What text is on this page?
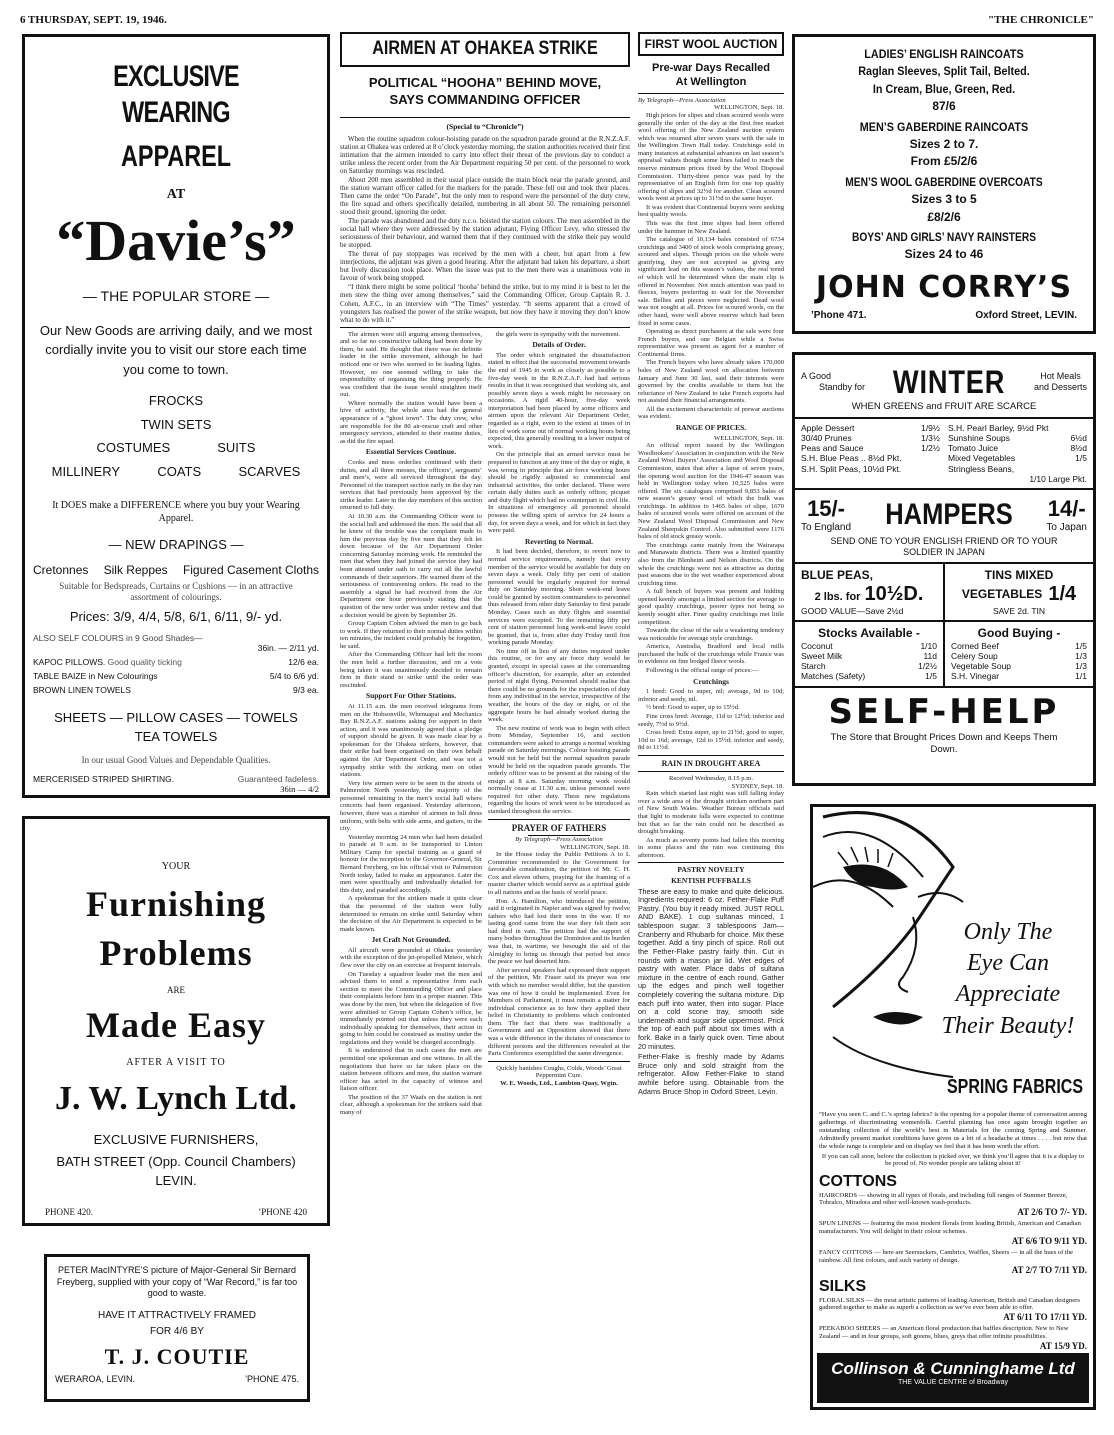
6 THURSDAY, SEPT. 19, 1946.	"THE CHRONICLE"
EXCLUSIVE WEARING
APPAREL
AT
“Davie’s”
— THE POPULAR STORE —
Our New Goods are arriving daily, and we most cordially invite you to visit our store each time you come to town.
FROCKS
TWIN SETS
COSTUMES	SUITS
MILLINERY	COATS	SCARVES
It DOES make a DIFFERENCE where you buy your Wearing Apparel.
— NEW DRAPINGS —
Cretonnes Silk Reppes Figured Casement Cloths
Suitable for Bedspreads, Curtains or Cushions — in an attractive assortment of colourings.
Prices: 3/9, 4/4, 5/8, 6/1, 6/11, 9/- yd.
ALSO SELF COLOURS in 9 Good Shades—
36in. — 2/11 yd.
KAPOC PILLOWS. Good quality ticking	12/6 ea.
TABLE BAIZE in New Colourings	5/4 to 6/6 yd.
BROWN LINEN TOWELS	9/3 ea.
SHEETS — PILLOW CASES — TOWELS
TEA TOWELS
In our usual Good Values and Dependable Qualities.
MERCERISED STRIPED SHIRTING.	Guaranteed fadeless.
36in — 4/2
YOUR
Furnishing
Problems
ARE
Made Easy
AFTER A VISIT TO
J. W. Lynch Ltd.
EXCLUSIVE FURNISHERS,
BATH STREET (Opp. Council Chambers)
LEVIN.
PHONE 420.	’PHONE 420
PETER MacINTYRE’S picture of Major-General Sir Bernard Freyberg, supplied with your copy of “War Record,” is far too good to waste.
HAVE IT ATTRACTIVELY FRAMED
FOR 4/6 BY
T. J. COUTIE
WERAROA, LEVIN.	’PHONE 475.
AIRMEN AT OHAKEA STRIKE
POLITICAL “HOOHA” BEHIND MOVE, SAYS COMMANDING OFFICER
(Special to “Chronicle”)

When the routine squadron colour-hoisting parade on the squadron parade ground at the R.N.Z.A.F. station at Ohakea was ordered at 8 o’clock yesterday morning, the station authorities received their first intimation that the airmen intended to carry into effect their threat of the previous day to conduct a strike unless the recent order from the Air Department requiring 50 per cent. of the personnel to work on Saturday mornings was rescinded.

About 200 men assembled in their usual place outside the main block near the parade ground, and the station warrant officer called for the markers for the parade. These fell out and took their places. Then came the order “On Parade”, but the only men to respond were the personnel of the duty crew, the fire squad and others specifically detailed, numbering in all about 50. The remaining personnel stood their ground, ignoring the order.

The parade was abandoned and the duty n.c.o. hoisted the station colours. The men assembled in the social hall where they were addressed by the station adjutant, Flying Officer Levy, who stressed the seriousness of their behaviour, and warned them that if they continued with the strike their pay would be stopped.

The threat of pay stoppages was received by the men with a cheer, but apart from a few interjections, the adjutant was given a good hearing. After the adjutant had taken his departure, a short but lively discussion took place. When the issue was put to the men there was a unanimous vote in favour of work being stopped.

“I think there might be some political ‘hooha’ behind the strike, but to my mind it is best to let the men stew the thing over among themselves,” said the Commanding Officer, Group Captain R. J. Cohen, A.F.C., in an interview with “The Times” yesterday. “It seems apparent that a crowd of youngsters has realised the power of the strike weapon, but now they have it moving they don’t know what to do with it.”

The airmen were still arguing among themselves, and so far no constructive talking had been done by them, he said. He thought that there was no definite leader in the strike movement, although he had noticed one or two who seemed to be leading lights. However, no one seemed willing to take the responsibility of organising the thing properly. He was confident that the issue would straighten itself out.

Where normally the station would have been a hive of activity, the whole area had the general appearance of a “ghost town”. The duty crew, who are responsible for the 80 air-rescue craft and other emergency services, attended to their routine duties, as did the fire squad.

Essential Services Continue.

Cooks and mess orderlies continued with their duties, and all three messes, the officers’, sergeants’ and men’s, were all serviced throughout the day. Personnel of the transport section early in the day ran services that had previously been approved by the strike leader. Later in the day members of this section returned to full duty.

At 10.30 a.m. the Commanding Officer went to the social hall and addressed the men. He said that all he knew of the trouble was the complaint made to him the previous day by five men that they felt let down because of the Air Department Order concerning Saturday morning work. He reminded the men that when they had joined the service they had been attested under oath to carry out all the lawful commands of their superiors. He warned them of the seriousness of contravening orders. He read to the assembly a signal he had received from the Air Department one hour previously stating that the question of the new order was under review and that a decision would be given by September 26.

Group Captain Cohen advised the men to go back to work. If they returned to their normal duties within ten minutes, the incident could probably be forgotten, he said.

After the Commanding Officer had left the room the men held a further discussion, and on a vote being taken it was unanimously decided to remain firm in their stand to strike until the order was rescinded.

Support For Other Stations.

At 11.15 a.m. the men received telegrams from men on the Hobsonville, Whenuapai and Mechanics Bay R.N.Z.A.F. stations asking for support in their action, and it was unanimously agreed that a pledge of support should be given. It was made clear by a spokesman for the Ohakea strikers, however, that their strike had been organised on their own behalf against the Air Department Order, and was not a sympathy strike with the striking men on other stations.

Very few airmen were to be seen in the streets of Palmerston North yesterday, the majority of the personnel remaining in the men’s social hall where concerts had been organised. Yesterday afternoon, however, there was a number of airmen in full dress uniform, with belts with side arms, and gaiters, in the city.

Yesterday morning 24 men who had been detailed to parade at 9 a.m. to be transported to Linton Military Camp for special training as a guard of honour for the reception to the Governor-General, Sir Bernard Freyberg, on his official visit to Palmerston North today, failed to make an appearance. Later the men were specifically and individually detailed for this duty, and paraded accordingly.

A spokesman for the strikers made it quite clear that the personnel of the station were fully determined to remain on strike until Saturday when the decision of the Air Department is expected to be made known.

Jet Craft Not Grounded.

All aircraft were grounded at Ohakea yesterday with the exception of the jet-propelled Meteor, which flew over the city on an exercise at frequent intervals.

On Tuesday a squadron leader met the men and advised them to send a representative from each section to meet the Commanding Officer and place their complaints before him in a proper manner. This was done by the men, but when the delegation of five were admitted to Group Captain Cohen’s office, he immediately pointed out that unless they were each individually speaking for themselves, their action in going to him could be construed as mutiny under the regulations and they would be charged accordingly.

It is understood that in such cases the men are permitted one spokesman and one witness. In all the negotiations that have so far taken place on the station between officers and men, the station warrant officer has acted in the capacity of witness and liaison officer.

The position of the 37 Waafs on the station is not clear, although a spokesman for the strikers said that many of

the girls were in sympathy with the movement.

Details of Order.

The order which originated the dissatisfaction stated in effect that the successful movement towards the end of 1945 to work as closely as possible to a five-day week in the R.N.Z.A.F. had had serious results in that it was recognised that working six, and possibly seven days a week might be necessary on occasions. A rigid 40-hour, five-day week interpretation had been placed by some officers and airmen upon the relevant Air Department Order, regarded as a right, even to the extent at times of in lieu of work some out of normal working hours being expected, this generally resulting in a lower output of work.

On the principle that an armed service must be prepared to function at any time of the day or night, it was wrong in principle that air force working hours should be rigidly adjusted to commercial and industrial activities, the order declared. There were certain daily duties such as orderly officer, picquet and duty flight which had no counterpart in civil life. In situations of emergency all personnel should possess the willing spirit of service for 24 hours a day, for seven days a week, and for which in fact they were paid.

Reverting to Normal.

It had been decided, therefore, to revert now to normal service requirements, namely that every member of the service would be available for duty on seven days a week. Only fifty per cent of station personnel would be regularly required for normal duty on Saturday morning. Short week-end leave could be granted by section commanders to personnel thus released from other duty Saturday to first parade Monday. Cases such as duty flights and essential services were excepted. To the remaining fifty per cent of station personnel long week-end leave could be granted, that is, from after duty Friday until first working parade Monday.

No time off in lieu of any duties required under this routine, or for any air force duty would be granted, except in special cases at the commanding officer’s discretion, for example, after an extended period of night flying. Personnel should realise that there could be no grounds for the expectation of duty from any individual in the service, irrespective of the weather, the hours of the day or night, or of the aggregate hours he had already worked during the week.

The new routine of work was to begin with effect from Monday, September 16, and section commanders were asked to arrange a normal working parade on Saturday mornings. Colour hoisting parade would not be held but the normal squadron parade would be held on the squadron parade grounds. The orderly officer was to be present at the raising of the ensign at 8 a.m. Saturday morning work would normally cease at 11.30 a.m. unless personnel were required for other duty. These new regulations regarding the hours of work were to be introduced as standard throughout the service.

PRAYER OF FATHERS
By Telegraph—Press Association
WELLINGTON, Sept. 18.

In the House today the Public Petitions A to L Committee recommended to the Government for favourable consideration, the petition of Mr. C. H. Cox and eleven others, praying for the framing of a master charter which would serve as a spiritual guide to all nations and as the basis of world peace.

Hon. A. Hamilton, who introduced the petition, said it originated in Napier and was signed by twelve fathers who had lost their sons in the war. If no lasting good came from the war they felt their son had died in vain. The petition had the support of many bodies throughout the Dominion and its burden was that, in wartime, we besought the aid of the Almighty to bring us through that period but since the peace we had deserted him.

After several speakers had expressed their support of the petition, Mr. Fraser said its prayer was one with which no member would differ, but the question was one of how it could be implemented. Even for Members of Parliament, it must remain a matter for individual conscience as to how they applied their belief in Christianity to problems which confronted them. The fact that there was traditionally a Government and an Opposition showed that there was a wide difference in the dictates of conscience to different persons and the differences revealed at the Paris Conference exemplified the same divergence.

Quickly banishes Coughs, Colds, Woods’ Great Peppermint Cure.
W. E. Woods, Ltd., Lambton Quay, Wgtn.
FIRST WOOL AUCTION
Pre-war Days Recalled
At Wellington
By Telegraph—Press Association
WELLINGTON, Sept. 18.

High prices for slipes and clean scoured wools were generally the order of the day at the first free market wool offering of the New Zealand auction system which was resumed after seven years with the sale in the Wellington Town Hall today. Crutchings sold in many instances at substantial advances on last season’s appraisal values though some lines failed to reach the reserve minimum prices fixed by the Wool Disposal Commission. Thirty-three pence was paid by the representative of an English firm for one top quality offering of slipes and 32½d for another. Clean scoured wools went at prices up to 31½d to the same buyer.

It was evident that Continental buyers were seeking best quality wools.

This was the first time slipes had been offered under the hammer in New Zealand.

The catalogue of 10,134 bales consisted of 6734 crutchings and 3400 of stock wools comprising greasy, scoured and slipes. Though prices on the whole were gratifying, they are not accepted as giving any significant lead on this season’s values, the real trend of which will be determined when the main clip is offered in November. Not much attention was paid to fleeces, buyers preferring to wait for the November sale. Bellies and pieces were neglected. Dead wool was not sought at all. Prices for scoured wools, on the other hand, were well above reserve which had been fixed in some cases.

Operating as direct purchasers at the sale were four French buyers, and one Belgian while a Swiss representative was present as agent for a number of Continental firms.

The French buyers who have already taken 170,000 bales of New Zealand wool on allocation between January and June 30 last, said their interests were governed by the credits available to them but the reluctance of New Zealand to take French exports had not assisted their financial arrangements.

All the excitement characteristic of prewar auctions was evident.

RANGE OF PRICES.
WELLINGTON, Sept. 18.

An official report issued by the Wellington Woolbrokers’ Association in conjunction with the New Zealand Wool Buyers’ Association and Wool Disposal Commission, states that after a lapse of seven years, the opening wool auction for the 1946-47 season was held in Wellington today when 10,525 bales were offered. The six catalogues comprised 9,853 bales of new season’s greasy wool of which the bulk was crutchings. In addition to 1465 bales of slipe, 1670 bales of scoured wools were offered on account of the New Zealand Wool Disposal Commission and New Zealand Sheepskin Control. Also submitted were 1176 bales of old stock greasy wools.

The crutchings came mainly from the Wairarapa and Manawatu districts. There was a limited quantity also from the Blenheim and Nelson districts. On the whole the crutchings were not as attractive as during past seasons due to the wet weather experienced about crutching time.

A full bench of buyers was present and bidding opened keenly amongst a limited section for average to good quality crutchings, poorer types not being so keenly sought after. Finer quality crutchings met little competition.

Towards the close of the sale a weakening tendency was noticeable for average style crutchings.

America, Australia, Bradford and local mills purchased the bulk of the crutchings while France was in evidence on fine bodged fleece wools.

Following is the official range of prices:—

Crutchings

1 bred: Good to super, nil; average, 9d to 10d; inferior and seedy, nil.

½ bred: Good to super, up to 15½d.

Fine cross bred: Average, 11d to 12½d; inferior and seedy, 7½d to 9½d.

Cross bred: Extra super, up to 21½d; good to super, 10d to 16d; average, 12d to 15½d; inferior and seedy, 8d to 11½d.

RAIN IN DROUGHT AREA
Received Wednesday, 8.15 p.m.
SYDNEY, Sept. 18.

Rain which started last night was still falling today over a wide area of the drought stricken northern part of New South Wales. Weather Bureau officials said that light to moderate falls were expected to continue but that so far the rain could not be described as drought breaking.

As much as seventy points had fallen this morning in some places and the rain was continuing this afternoon.

PASTRY NOVELTY
KENTISH PUFFBALLS
These are easy to make and quite delicious. Ingredients required: 6 oz. Fether-Flake Puff Pastry. (You buy it ready mixed. JUST ROLL AND BAKE). 1 cup sultanas minced, 1 tablespoon sugar. 3 tablespoons Jam—Cranberry and Rhubarb for choice. Mix these together. Add a tiny pinch of spice. Roll out the Fether-Flake pastry fairly thin. Cut in rounds with a mason jar lid. Wet edges of pastry with water. Place dabs of sultana mixture in the centre of each round. Gather up the edges and pinch well together completely covering the sultana mixture. Dip each puff into water, then into sugar. Place on a cold scone tray, smooth side underneath and sugar side uppermost. Prick the top of each puff about six times with a fork. Bake in a fairly quick oven. Time about 20 minutes.
Fether-Flake is freshly made by Adams Bruce only and sold straight from the refrigerator. Allow Fether-Flake to stand awhile before using. Obtainable from the Adams Bruce Shop in Oxford Street, Levin.
LADIES’ ENGLISH RAINCOATS
Raglan Sleeves, Split Tail, Belted.
In Cream, Blue, Green, Red.
87/6
MEN’S GABERDINE RAINCOATS
Sizes 2 to 7.
From £5/2/6
MEN’S WOOL GABERDINE OVERCOATS
Sizes 3 to 5
£8/2/6
BOYS’ AND GIRLS’ NAVY RAINSTERS
Sizes 24 to 46
JOHN CORRY’S
’Phone 471.	Oxford Street, LEVIN.
A Good
Standby for WINTER	Hot Meals
and Desserts
WHEN GREENS and FRUIT ARE SCARCE
Apple Dessert	1/9½
30/40 Prunes	1/3½
Peas and Sauce	1/2½
S.H. Blue Peas .. 8½d Pkt.
S.H. Split Peas, 10½d Pkt.
S.H. Pearl Barley, 9½d Pkt
Sunshine Soups	6½d
Tomato Juice	8½d
Mixed Vegetables	1/5
Stringless Beans,
1/10 Large Pkt.
15/-
To England HAMPERS 14/-
To Japan
SEND ONE TO YOUR ENGLISH FRIEND OR TO YOUR SOLDIER IN JAPAN
BLUE PEAS,
2 lbs. for 10½D.
GOOD VALUE—Save 2½d
TINS MIXED
VEGETABLES 1/4
SAVE 2d. TIN
Stocks Available -
Coconut	1/10
Sweet Milk	11d
Starch	1/2½
Matches (Safety)	1/5
Good Buying -
Corned Beef	1/5
Celery Soup	1/3
Vegetable Soup	1/3
S.H. Vinegar	1/1
SELF-HELP
The Store that Brought Prices Down and Keeps Them Down.
Only The
Eye Can
Appreciate
Their Beauty!
SPRING FABRICS
“Have you seen C. and C.’s spring fabrics? is the opening for a popular theme of conversation among gatherings of discriminating womenfolk. Careful planning has once again brought together an outstanding collection of the world’s best in Materials for the coming Spring and Summer. Admittedly present market conditions have given us a bit of a headache at times . . . . but now that the whole range is complete and on display we feel that it has been worth the effort.
If you can call soon, before the collection is picked over, we think you’ll agree that it is a display to be proud of. No wonder people are talking about it!
COTTONS
HAIRCORDS — showing in all types of florals, and including full ranges of Summer Breeze, Tobralco, Miradora and other well-known wash-products.
AT 2/6 TO 7/- YD.
SPUN LINENS — featuring the most modern florals from leading British, American and Canadian manufacturers. You will delight in their colour schemes.
AT 6/6 TO 9/11 YD.
FANCY COTTONS — here are Seersuckers, Cambrics, Waffles, Sheers — in all the hues of the rainbow. All first colours, and such variety of design.
AT 2/7 TO 7/11 YD.
SILKS
FLORAL SILKS — the most artistic patterns of leading American, British and Canadian designers gathered together to make as superb a collection as we’ve ever been able to offer.
AT 6/11 TO 17/11 YD.
PEEKABOO SHEERS — an American floral production that baffles description. New to New Zealand — and in four groups, soft greens, blues, greys that offer infinite possibilities.
AT 15/9 YD.
Collinson & Cunninghame Ltd
THE VALUE CENTRE of Broadway
